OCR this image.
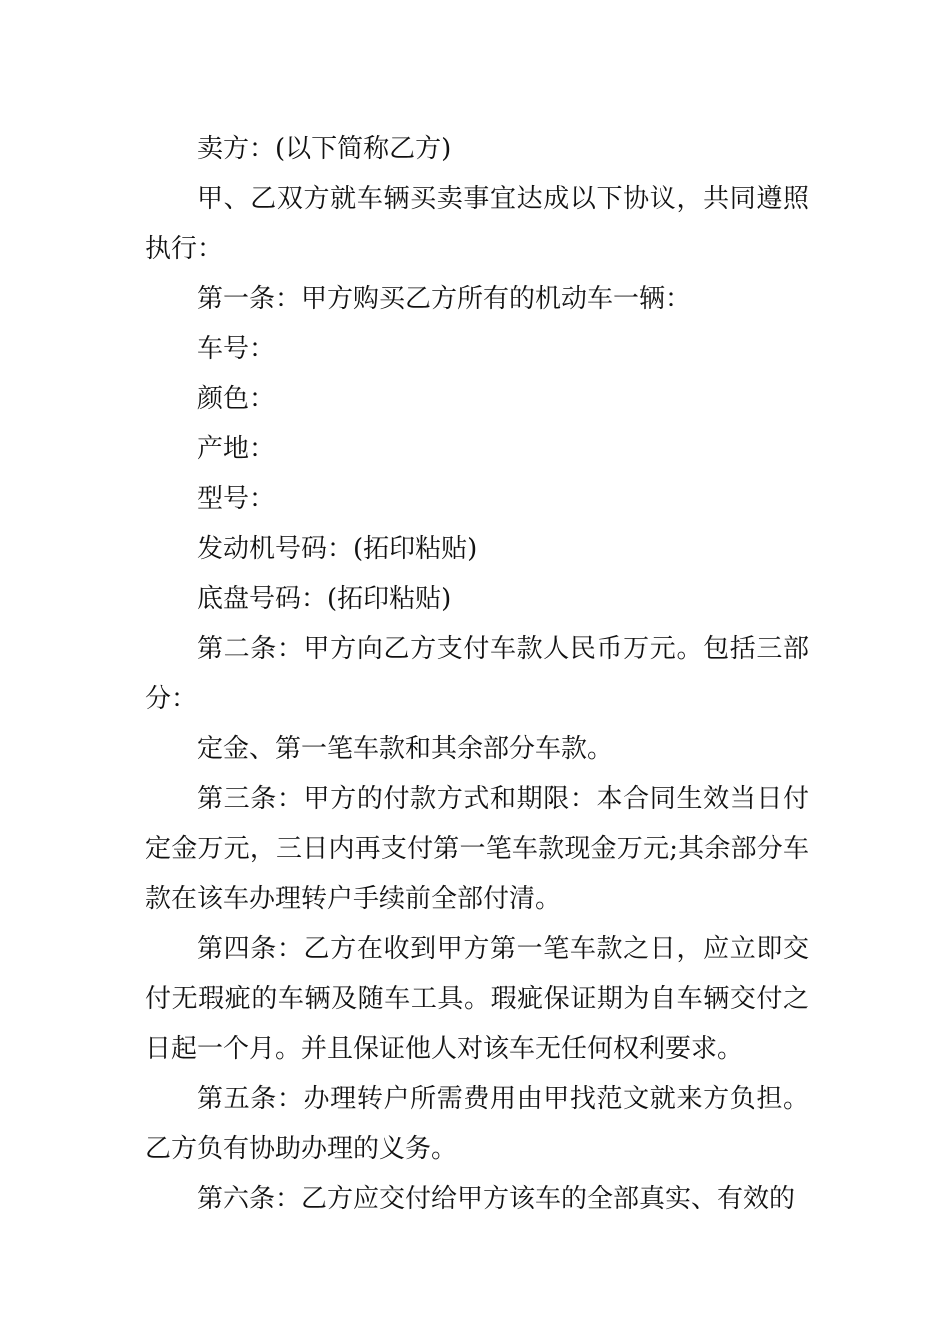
卖方：(以下简称乙方)

甲、乙双方就车辆买卖事宜达成以下协议，共同遵照执行：

第一条：甲方购买乙方所有的机动车一辆：

车号：

颜色：

产地：

型号：

发动机号码：(拓印粘贴)

底盘号码：(拓印粘贴)

第二条：甲方向乙方支付车款人民币万元。包括三部分：

定金、第一笔车款和其余部分车款。

第三条：甲方的付款方式和期限：本合同生效当日付定金万元，三日内再支付第一笔车款现金万元;其余部分车款在该车办理转户手续前全部付清。

第四条：乙方在收到甲方第一笔车款之日，应立即交付无瑕疵的车辆及随车工具。瑕疵保证期为自车辆交付之日起一个月。并且保证他人对该车无任何权利要求。

第五条：办理转户所需费用由甲找范文就来方负担。乙方负有协助办理的义务。

第六条：乙方应交付给甲方该车的全部真实、有效的
